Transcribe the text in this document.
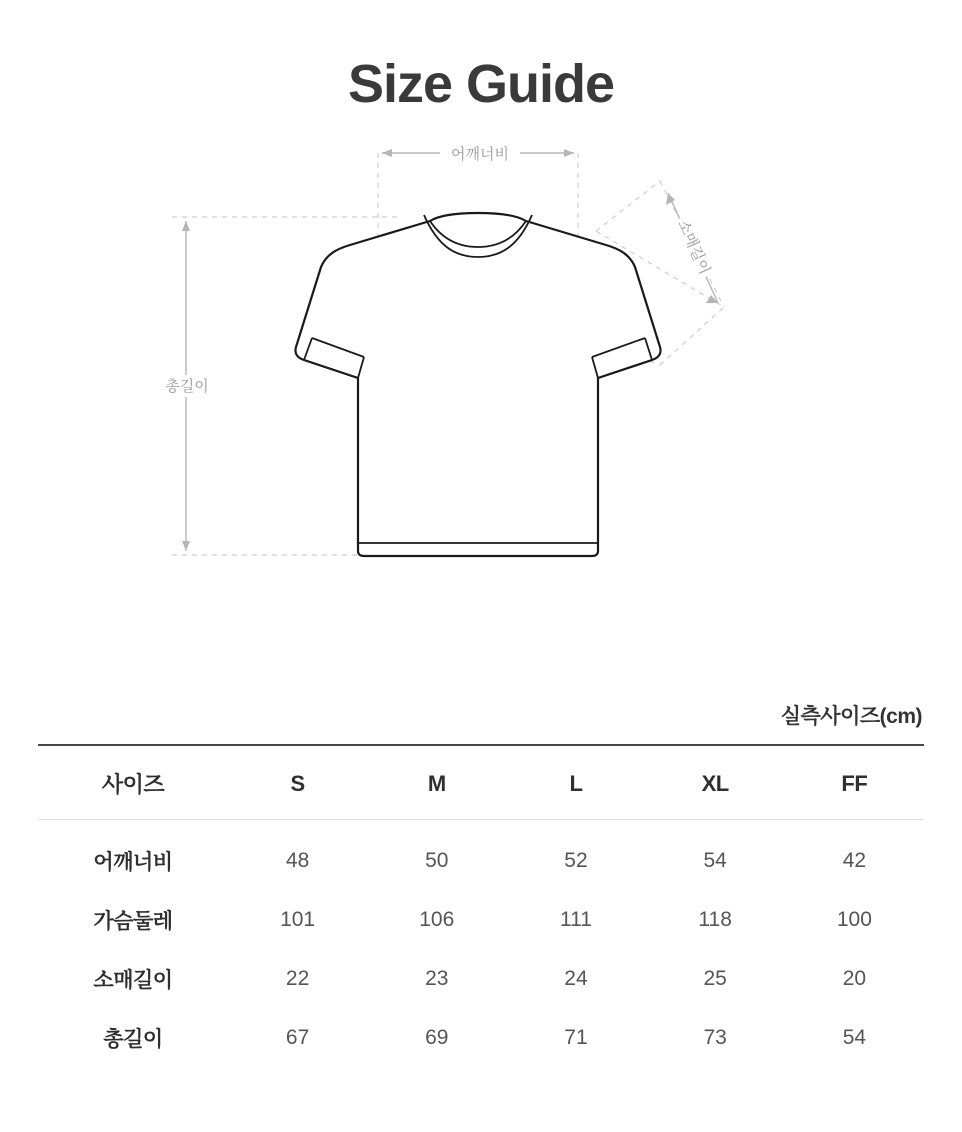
Size Guide
어깨너비
총길이
소매길이
실측사이즈(cm)
사이즈	S	M	L	XL	FF
어깨너비	48	50	52	54	42
가슴둘레	101	106	111	118	100
소매길이	22	23	24	25	20
총길이	67	69	71	73	54
